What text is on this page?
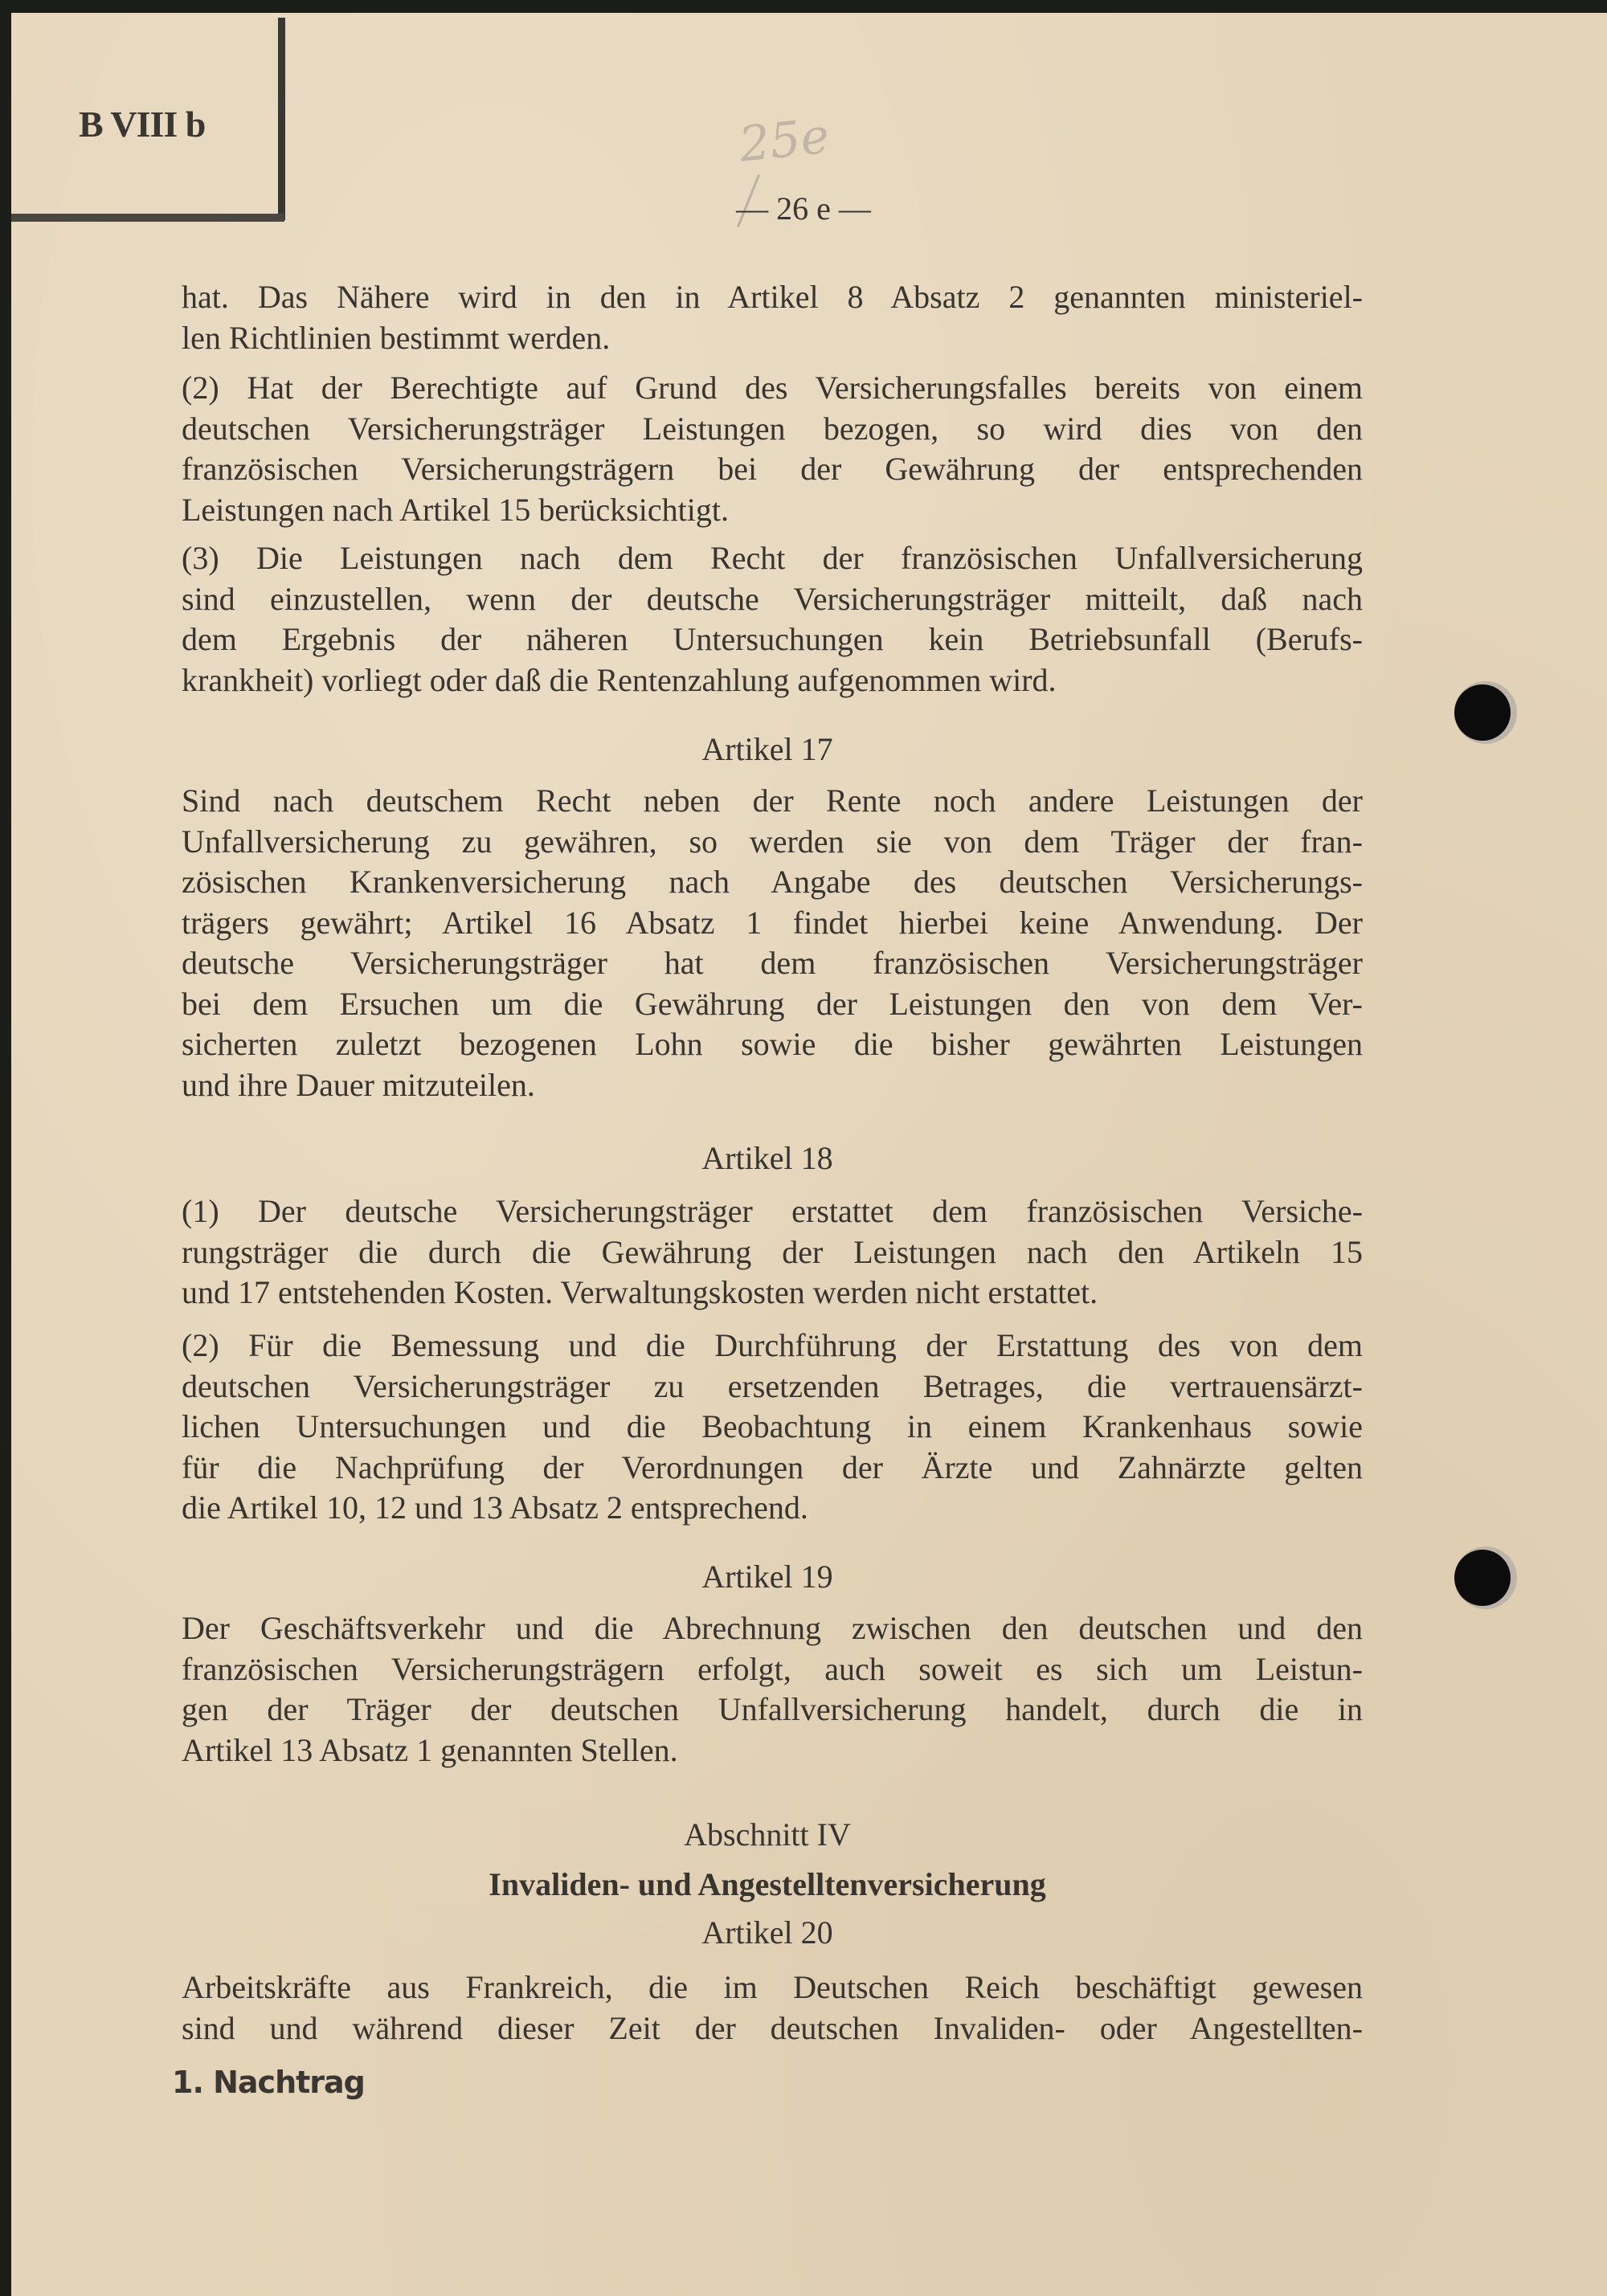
B VIII b	25e
— 26 e —
hat. Das Nähere wird in den in Artikel 8 Absatz 2 genannten ministeriel-
len Richtlinien bestimmt werden.
(2) Hat der Berechtigte auf Grund des Versicherungsfalles bereits von einem
deutschen Versicherungsträger Leistungen bezogen, so wird dies von den
französischen Versicherungsträgern bei der Gewährung der entsprechenden
Leistungen nach Artikel 15 berücksichtigt.
(3) Die Leistungen nach dem Recht der französischen Unfallversicherung
sind einzustellen, wenn der deutsche Versicherungsträger mitteilt, daß nach
dem Ergebnis der näheren Untersuchungen kein Betriebsunfall (Berufs-
krankheit) vorliegt oder daß die Rentenzahlung aufgenommen wird.
Artikel 17
Sind nach deutschem Recht neben der Rente noch andere Leistungen der
Unfallversicherung zu gewähren, so werden sie von dem Träger der fran-
zösischen Krankenversicherung nach Angabe des deutschen Versicherungs-
trägers gewährt; Artikel 16 Absatz 1 findet hierbei keine Anwendung. Der
deutsche Versicherungsträger hat dem französischen Versicherungsträger
bei dem Ersuchen um die Gewährung der Leistungen den von dem Ver-
sicherten zuletzt bezogenen Lohn sowie die bisher gewährten Leistungen
und ihre Dauer mitzuteilen.
Artikel 18
(1) Der deutsche Versicherungsträger erstattet dem französischen Versiche-
rungsträger die durch die Gewährung der Leistungen nach den Artikeln 15
und 17 entstehenden Kosten. Verwaltungskosten werden nicht erstattet.
(2) Für die Bemessung und die Durchführung der Erstattung des von dem
deutschen Versicherungsträger zu ersetzenden Betrages, die vertrauensärzt-
lichen Untersuchungen und die Beobachtung in einem Krankenhaus sowie
für die Nachprüfung der Verordnungen der Ärzte und Zahnärzte gelten
die Artikel 10, 12 und 13 Absatz 2 entsprechend.
Artikel 19
Der Geschäftsverkehr und die Abrechnung zwischen den deutschen und den
französischen Versicherungsträgern erfolgt, auch soweit es sich um Leistun-
gen der Träger der deutschen Unfallversicherung handelt, durch die in
Artikel 13 Absatz 1 genannten Stellen.
Abschnitt IV
Invaliden- und Angestelltenversicherung
Artikel 20
Arbeitskräfte aus Frankreich, die im Deutschen Reich beschäftigt gewesen
sind und während dieser Zeit der deutschen Invaliden- oder Angestellten-
1. Nachtrag
